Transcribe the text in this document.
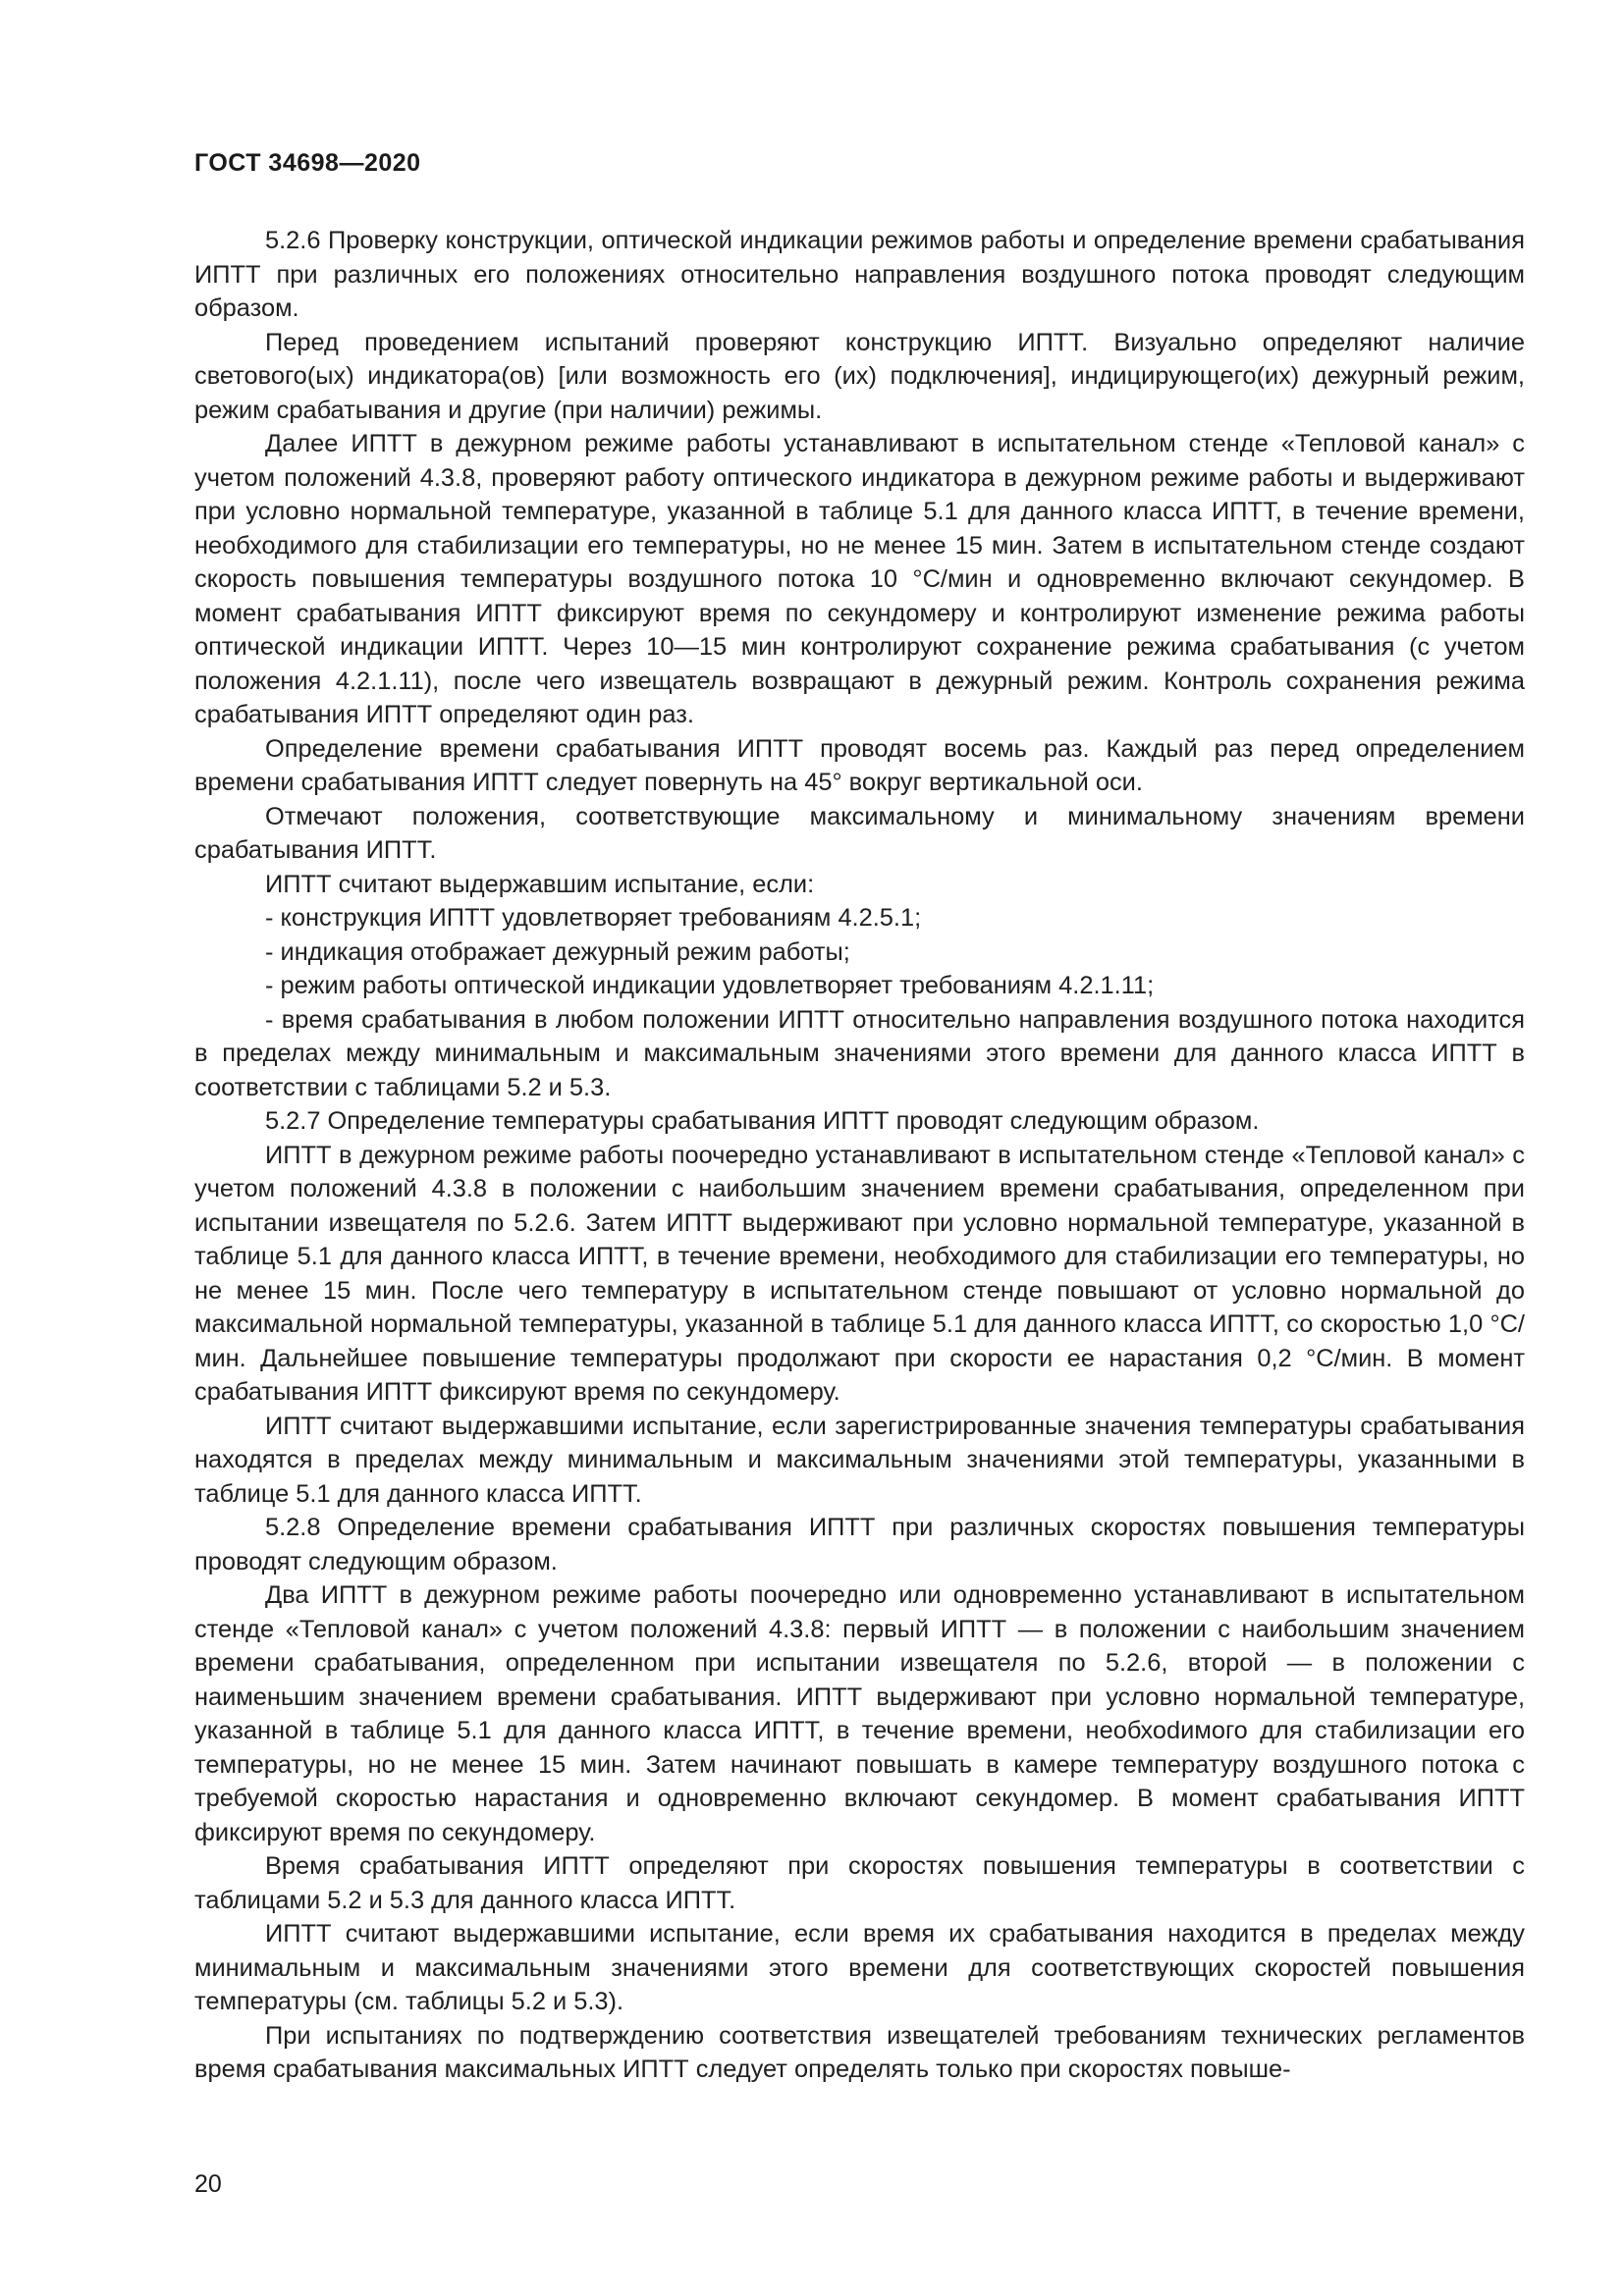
ГОСТ 34698—2020

5.2.6 Проверку конструкции, оптической индикации режимов работы и определение времени срабатывания ИПТТ при различных его положениях относительно направления воздушного потока проводят следующим образом.

Перед проведением испытаний проверяют конструкцию ИПТТ. Визуально определяют наличие светового(ых) индикатора(ов) [или возможность его (их) подключения], индицирующего(их) дежурный режим, режим срабатывания и другие (при наличии) режимы.

Далее ИПТТ в дежурном режиме работы устанавливают в испытательном стенде «Тепловой канал» с учетом положений 4.3.8, проверяют работу оптического индикатора в дежурном режиме работы и выдерживают при условно нормальной температуре, указанной в таблице 5.1 для данного класса ИПТТ, в течение времени, необходимого для стабилизации его температуры, но не менее 15 мин. Затем в испытательном стенде создают скорость повышения температуры воздушного потока 10 °С/мин и одновременно включают секундомер. В момент срабатывания ИПТТ фиксируют время по секундомеру и контролируют изменение режима работы оптической индикации ИПТТ. Через 10—15 мин контролируют сохранение режима срабатывания (с учетом положения 4.2.1.11), после чего извещатель возвращают в дежурный режим. Контроль сохранения режима срабатывания ИПТТ определяют один раз.

Определение времени срабатывания ИПТТ проводят восемь раз. Каждый раз перед определением времени срабатывания ИПТТ следует повернуть на 45° вокруг вертикальной оси.

Отмечают положения, соответствующие максимальному и минимальному значениям времени срабатывания ИПТТ.

ИПТТ считают выдержавшим испытание, если:

- конструкция ИПТТ удовлетворяет требованиям 4.2.5.1;

- индикация отображает дежурный режим работы;

- режим работы оптической индикации удовлетворяет требованиям 4.2.1.11;

- время срабатывания в любом положении ИПТТ относительно направления воздушного потока находится в пределах между минимальным и максимальным значениями этого времени для данного класса ИПТТ в соответствии с таблицами 5.2 и 5.3.

5.2.7 Определение температуры срабатывания ИПТТ проводят следующим образом.

ИПТТ в дежурном режиме работы поочередно устанавливают в испытательном стенде «Тепловой канал» с учетом положений 4.3.8 в положении с наибольшим значением времени срабатывания, определенном при испытании извещателя по 5.2.6. Затем ИПТТ выдерживают при условно нормальной температуре, указанной в таблице 5.1 для данного класса ИПТТ, в течение времени, необходимого для стабилизации его температуры, но не менее 15 мин. После чего температуру в испытательном стенде повышают от условно нормальной до максимальной нормальной температуры, указанной в таблице 5.1 для данного класса ИПТТ, со скоростью 1,0 °С/мин. Дальнейшее повышение температуры продолжают при скорости ее нарастания 0,2 °С/мин. В момент срабатывания ИПТТ фиксируют время по секундомеру.

ИПТТ считают выдержавшими испытание, если зарегистрированные значения температуры срабатывания находятся в пределах между минимальным и максимальным значениями этой температуры, указанными в таблице 5.1 для данного класса ИПТТ.

5.2.8 Определение времени срабатывания ИПТТ при различных скоростях повышения температуры проводят следующим образом.

Два ИПТТ в дежурном режиме работы поочередно или одновременно устанавливают в испытательном стенде «Тепловой канал» с учетом положений 4.3.8: первый ИПТТ — в положении с наибольшим значением времени срабатывания, определенном при испытании извещателя по 5.2.6, второй — в положении с наименьшим значением времени срабатывания. ИПТТ выдерживают при условно нормальной температуре, указанной в таблице 5.1 для данного класса ИПТТ, в течение времени, необхоdимого для стабилизации его температуры, но не менее 15 мин. Затем начинают повышать в камере температуру воздушного потока с требуемой скоростью нарастания и одновременно включают секундомер. В момент срабатывания ИПТТ фиксируют время по секундомеру.

Время срабатывания ИПТТ определяют при скоростях повышения температуры в соответствии с таблицами 5.2 и 5.3 для данного класса ИПТТ.

ИПТТ считают выдержавшими испытание, если время их срабатывания находится в пределах между минимальным и максимальным значениями этого времени для соответствующих скоростей повышения температуры (см. таблицы 5.2 и 5.3).

При испытаниях по подтверждению соответствия извещателей требованиям технических регламентов время срабатывания максимальных ИПТТ следует определять только при скоростях повыше-

20
